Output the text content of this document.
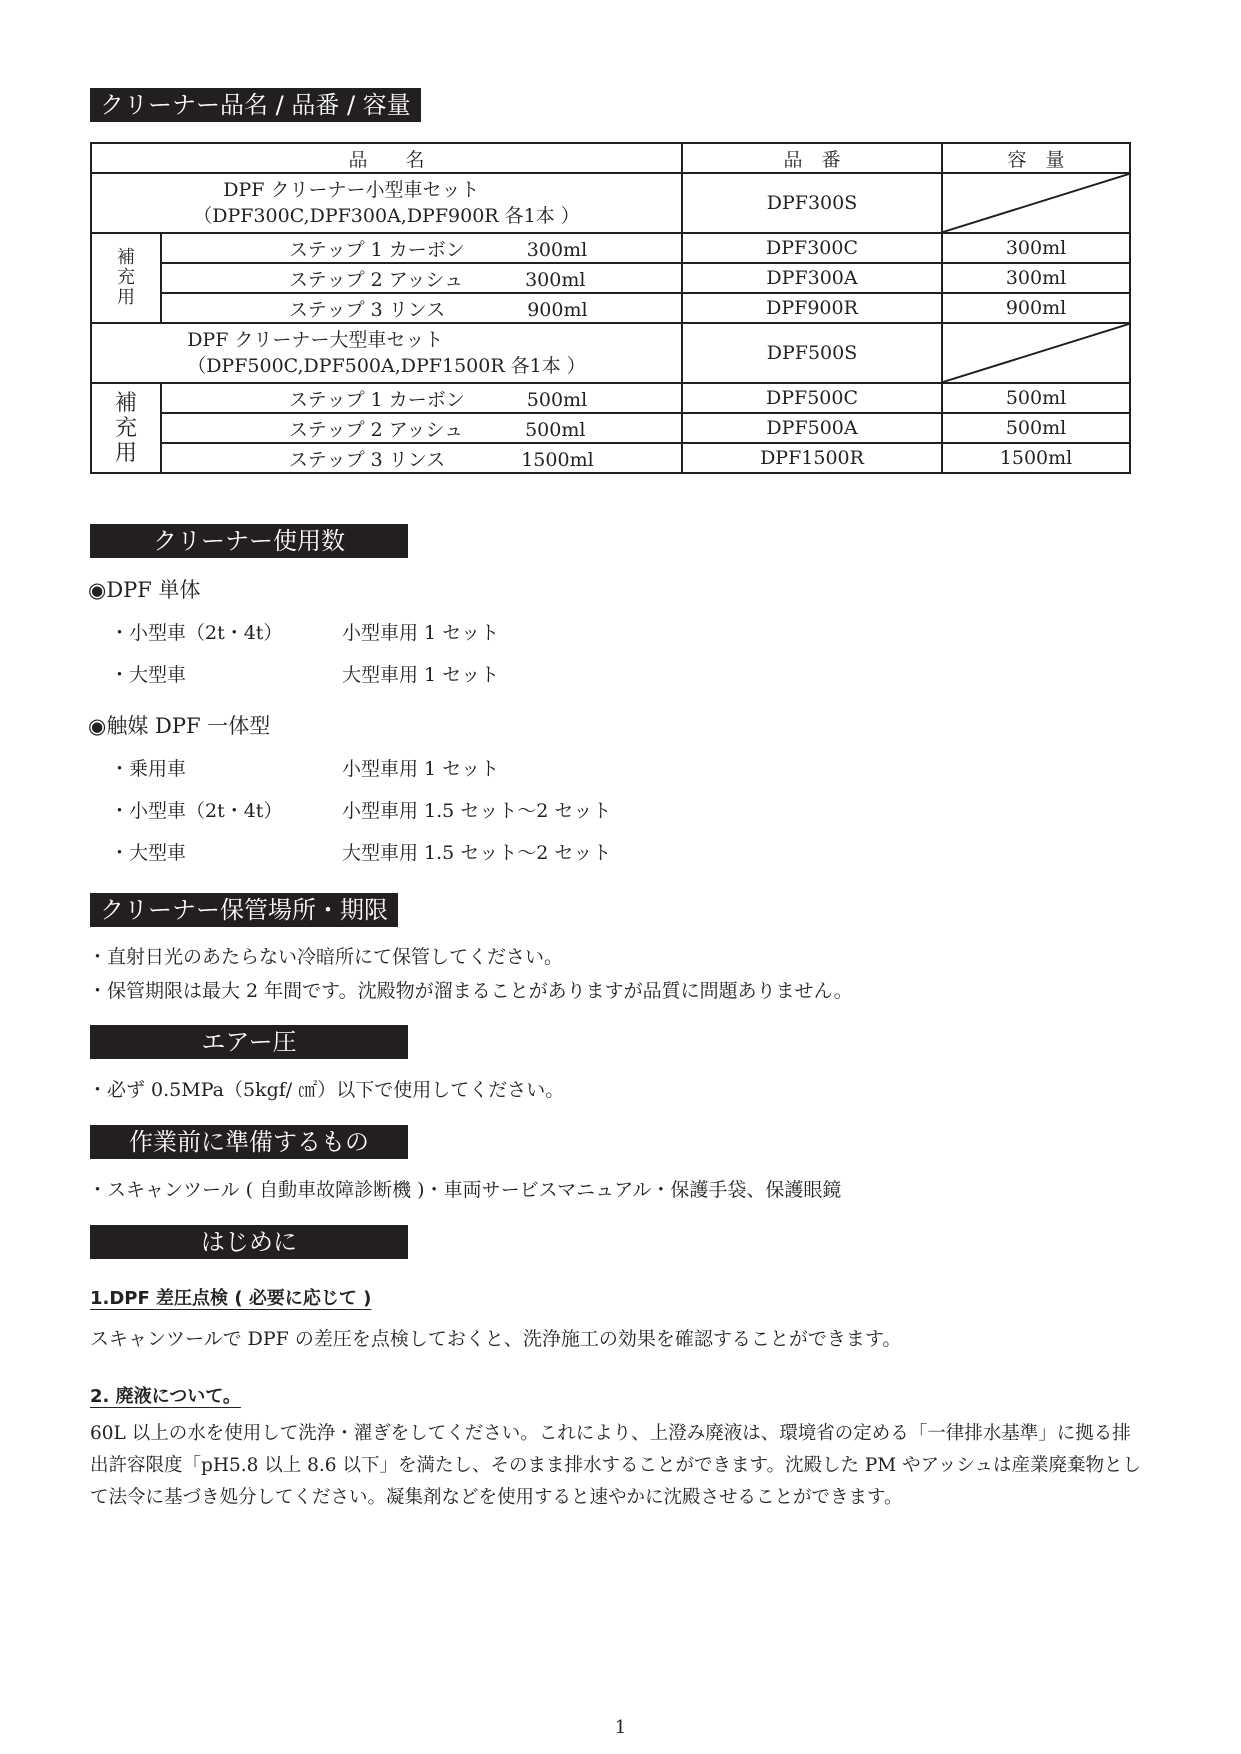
クリーナー品名 / 品番 / 容量
品　　名		品　番	容　量
DPF クリーナー小型車セット
（DPF300C,DPF300A,DPF900R 各1本 ）		DPF300S	

補充用	ステップ 1 カーボン 300ml	DPF300C	300ml
	ステップ 2 アッシュ 300ml	DPF300A	300ml
	ステップ 3 リンス 900ml	DPF900R	900ml
DPF クリーナー大型車セット
（DPF500C,DPF500A,DPF1500R 各1本 ）		DPF500S	

補充用	ステップ 1 カーボン 500ml	DPF500C	500ml
	ステップ 2 アッシュ 500ml	DPF500A	500ml
	ステップ 3 リンス 1500ml	DPF1500R	1500ml
クリーナー使用数
◉DPF 単体
・小型車（2t・4t）	小型車用 1 セット
・大型車	大型車用 1 セット
◉触媒 DPF 一体型
・乗用車	小型車用 1 セット
・小型車（2t・4t）	小型車用 1.5 セット～2 セット
・大型車	大型車用 1.5 セット～2 セット
クリーナー保管場所・期限
・直射日光のあたらない冷暗所にて保管してください。
・保管期限は最大 2 年間です。沈殿物が溜まることがありますが品質に問題ありません。
エアー圧
・必ず 0.5MPa（5kgf/ ㎠）以下で使用してください。
作業前に準備するもの
・スキャンツール ( 自動車故障診断機 )・車両サービスマニュアル・保護手袋、保護眼鏡
はじめに
1.DPF 差圧点検 ( 必要に応じて )
スキャンツールで DPF の差圧を点検しておくと、洗浄施工の効果を確認することができます。
2. 廃液について。
60L 以上の水を使用して洗浄・濯ぎをしてください。これにより、上澄み廃液は、環境省の定める「一律排水基準」に拠る排
出許容限度「pH5.8 以上 8.6 以下」を満たし、そのまま排水することができます。沈殿した PM やアッシュは産業廃棄物とし
て法令に基づき処分してください。凝集剤などを使用すると速やかに沈殿させることができます。
1
